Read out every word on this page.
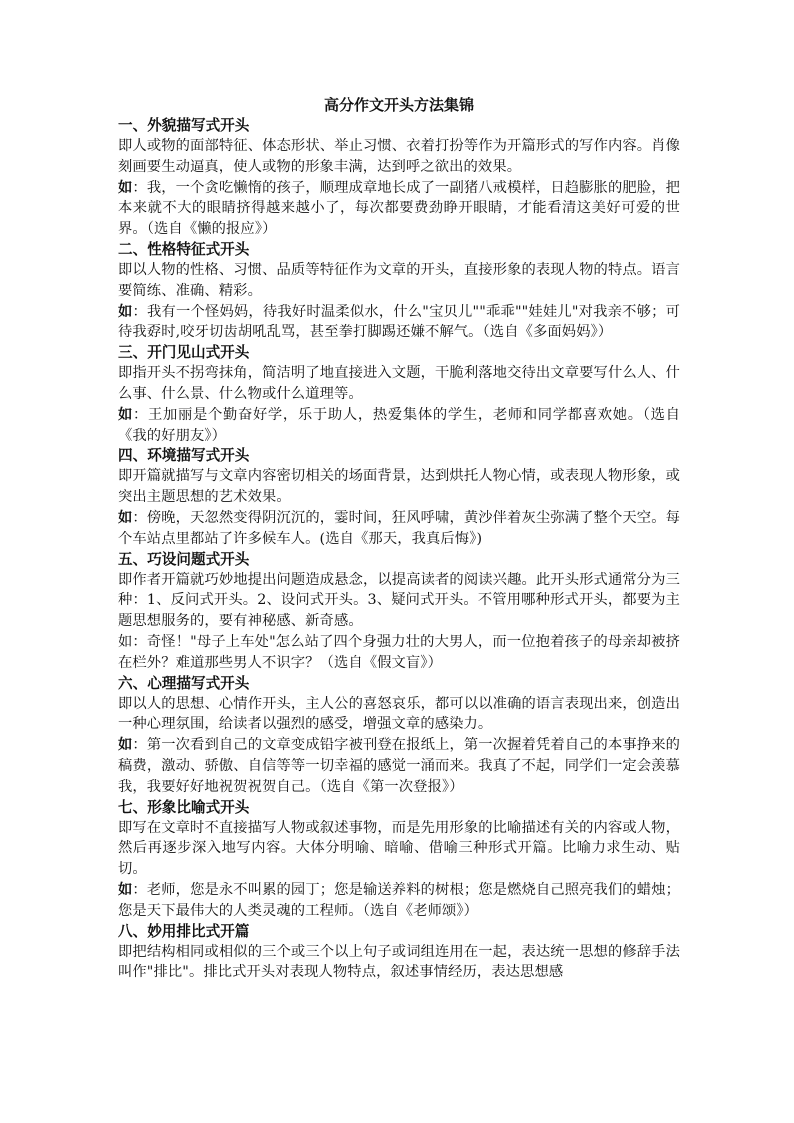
高分作文开头方法集锦
一、外貌描写式开头

即人或物的面部特征、体态形状、举止习惯、衣着打扮等作为开篇形式的写作内容。肖像刻画要生动逼真，使人或物的形象丰满，达到呼之欲出的效果。

如：我，一个贪吃懒惰的孩子，顺理成章地长成了一副猪八戒模样，日趋膨胀的肥脸，把本来就不大的眼睛挤得越来越小了，每次都要费劲睁开眼睛，才能看清这美好可爱的世界。（选自《懒的报应》）

二、性格特征式开头

即以人物的性格、习惯、品质等特征作为文章的开头，直接形象的表现人物的特点。语言要简练、准确、精彩。

如：我有一个怪妈妈，待我好时温柔似水，什么"宝贝儿""乖乖""娃娃儿"对我亲不够；可待我孬时,咬牙切齿胡吼乱骂，甚至拳打脚踢还嫌不解气。（选自《多面妈妈》）

三、开门见山式开头

即指开头不拐弯抹角，简洁明了地直接进入文题，干脆利落地交待出文章要写什么人、什么事、什么景、什么物或什么道理等。

如：王加丽是个勤奋好学，乐于助人，热爱集体的学生，老师和同学都喜欢她。（选自《我的好朋友》）

四、环境描写式开头

即开篇就描写与文章内容密切相关的场面背景，达到烘托人物心情，或表现人物形象，或突出主题思想的艺术效果。

如：傍晚，天忽然变得阴沉沉的，霎时间，狂风呼啸，黄沙伴着灰尘弥满了整个天空。每个车站点里都站了许多候车人。(选自《那天，我真后悔》)

五、巧设问题式开头

即作者开篇就巧妙地提出问题造成悬念，以提高读者的阅读兴趣。此开头形式通常分为三种：1、反问式开头。2、设问式开头。3、疑问式开头。不管用哪种形式开头，都要为主题思想服务的，要有神秘感、新奇感。

如：奇怪！"母子上车处"怎么站了四个身强力壮的大男人，而一位抱着孩子的母亲却被挤在栏外？难道那些男人不识字？（选自《假文盲》）

六、心理描写式开头

即以人的思想、心情作开头，主人公的喜怒哀乐，都可以以准确的语言表现出来，创造出一种心理氛围，给读者以强烈的感受，增强文章的感染力。

如：第一次看到自己的文章变成铅字被刊登在报纸上，第一次握着凭着自己的本事挣来的稿费，激动、骄傲、自信等等一切幸福的感觉一涌而来。我真了不起，同学们一定会羡慕我，我要好好地祝贺祝贺自己。（选自《第一次登报》）

七、形象比喻式开头

即写在文章时不直接描写人物或叙述事物，而是先用形象的比喻描述有关的内容或人物，然后再逐步深入地写内容。大体分明喻、暗喻、借喻三种形式开篇。比喻力求生动、贴切。

如：老师，您是永不叫累的园丁；您是输送养料的树根；您是燃烧自己照亮我们的蜡烛；您是天下最伟大的人类灵魂的工程师。（选自《老师颂》）

八、妙用排比式开篇

即把结构相同或相似的三个或三个以上句子或词组连用在一起，表达统一思想的修辞手法叫作"排比"。排比式开头对表现人物特点，叙述事情经历，表达思想感
